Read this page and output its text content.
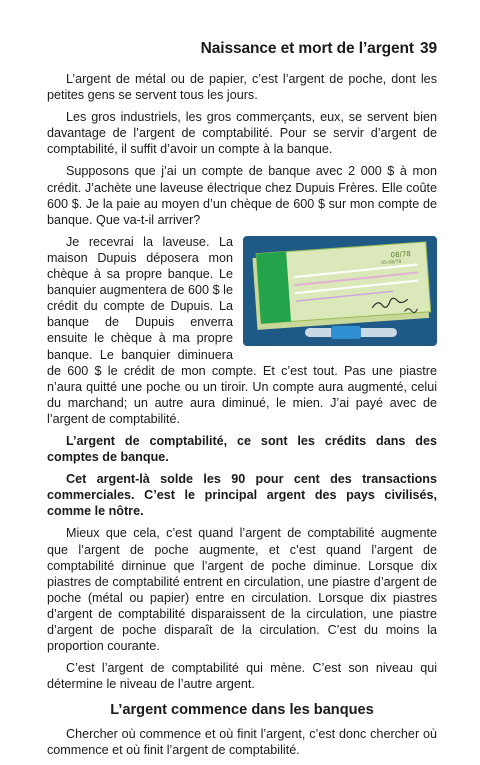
Naissance et mort de l’argent 39

L’argent de métal ou de papier, c’est l’argent de poche, dont les petites gens se servent tous les jours.

Les gros industriels, les gros commerçants, eux, se servent bien davantage de l’argent de comptabilité. Pour se servir d’argent de comptabilité, il suffit d’avoir un compte à la banque.

Supposons que j’ai un compte de banque avec 2 000 $ à mon crédit. J’achète une laveuse électrique chez Dupuis Frères. Elle coûte 600 $. Je la paie au moyen d’un chèque de 600 $ sur mon compte de banque. Que va-t-il arriver?

08/78
05-08/78

Je recevrai la laveuse. La maison Dupuis déposera mon chèque à sa propre banque. Le banquier augmentera de 600 $ le crédit du compte de Dupuis. La banque de Dupuis enverra ensuite le chèque à ma propre banque. Le banquier diminuera de 600 $ le crédit de mon compte. Et c’est tout. Pas une piastre n’aura quitté une poche ou un tiroir. Un compte aura augmenté, celui du marchand; un autre aura diminué, le mien. J’ai payé avec de l’argent de comptabilité.

L’argent de comptabilité, ce sont les crédits dans des comptes de banque.

Cet argent-là solde les 90 pour cent des transactions commerciales. C’est le principal argent des pays civilisés, comme le nôtre.

Mieux que cela, c’est quand l’argent de comptabilité augmente que l’argent de poche augmente, et c’est quand l’argent de comptabilité dirninue que l’argent de poche diminue. Lorsque dix piastres de comptabilité entrent en circulation, une piastre d’argent de poche (métal ou papier) entre en circulation. Lorsque dix piastres d’argent de comptabilité disparaissent de la circulation, une piastre d’argent de poche disparaît de la circulation. C’est du moins la proportion courante.

C’est l’argent de comptabilité qui mène. C’est son niveau qui détermine le niveau de l’autre argent.

L’argent commence dans les banques

Chercher où commence et où finit l’argent, c’est donc chercher où commence et où finit l’argent de comptabilité.
